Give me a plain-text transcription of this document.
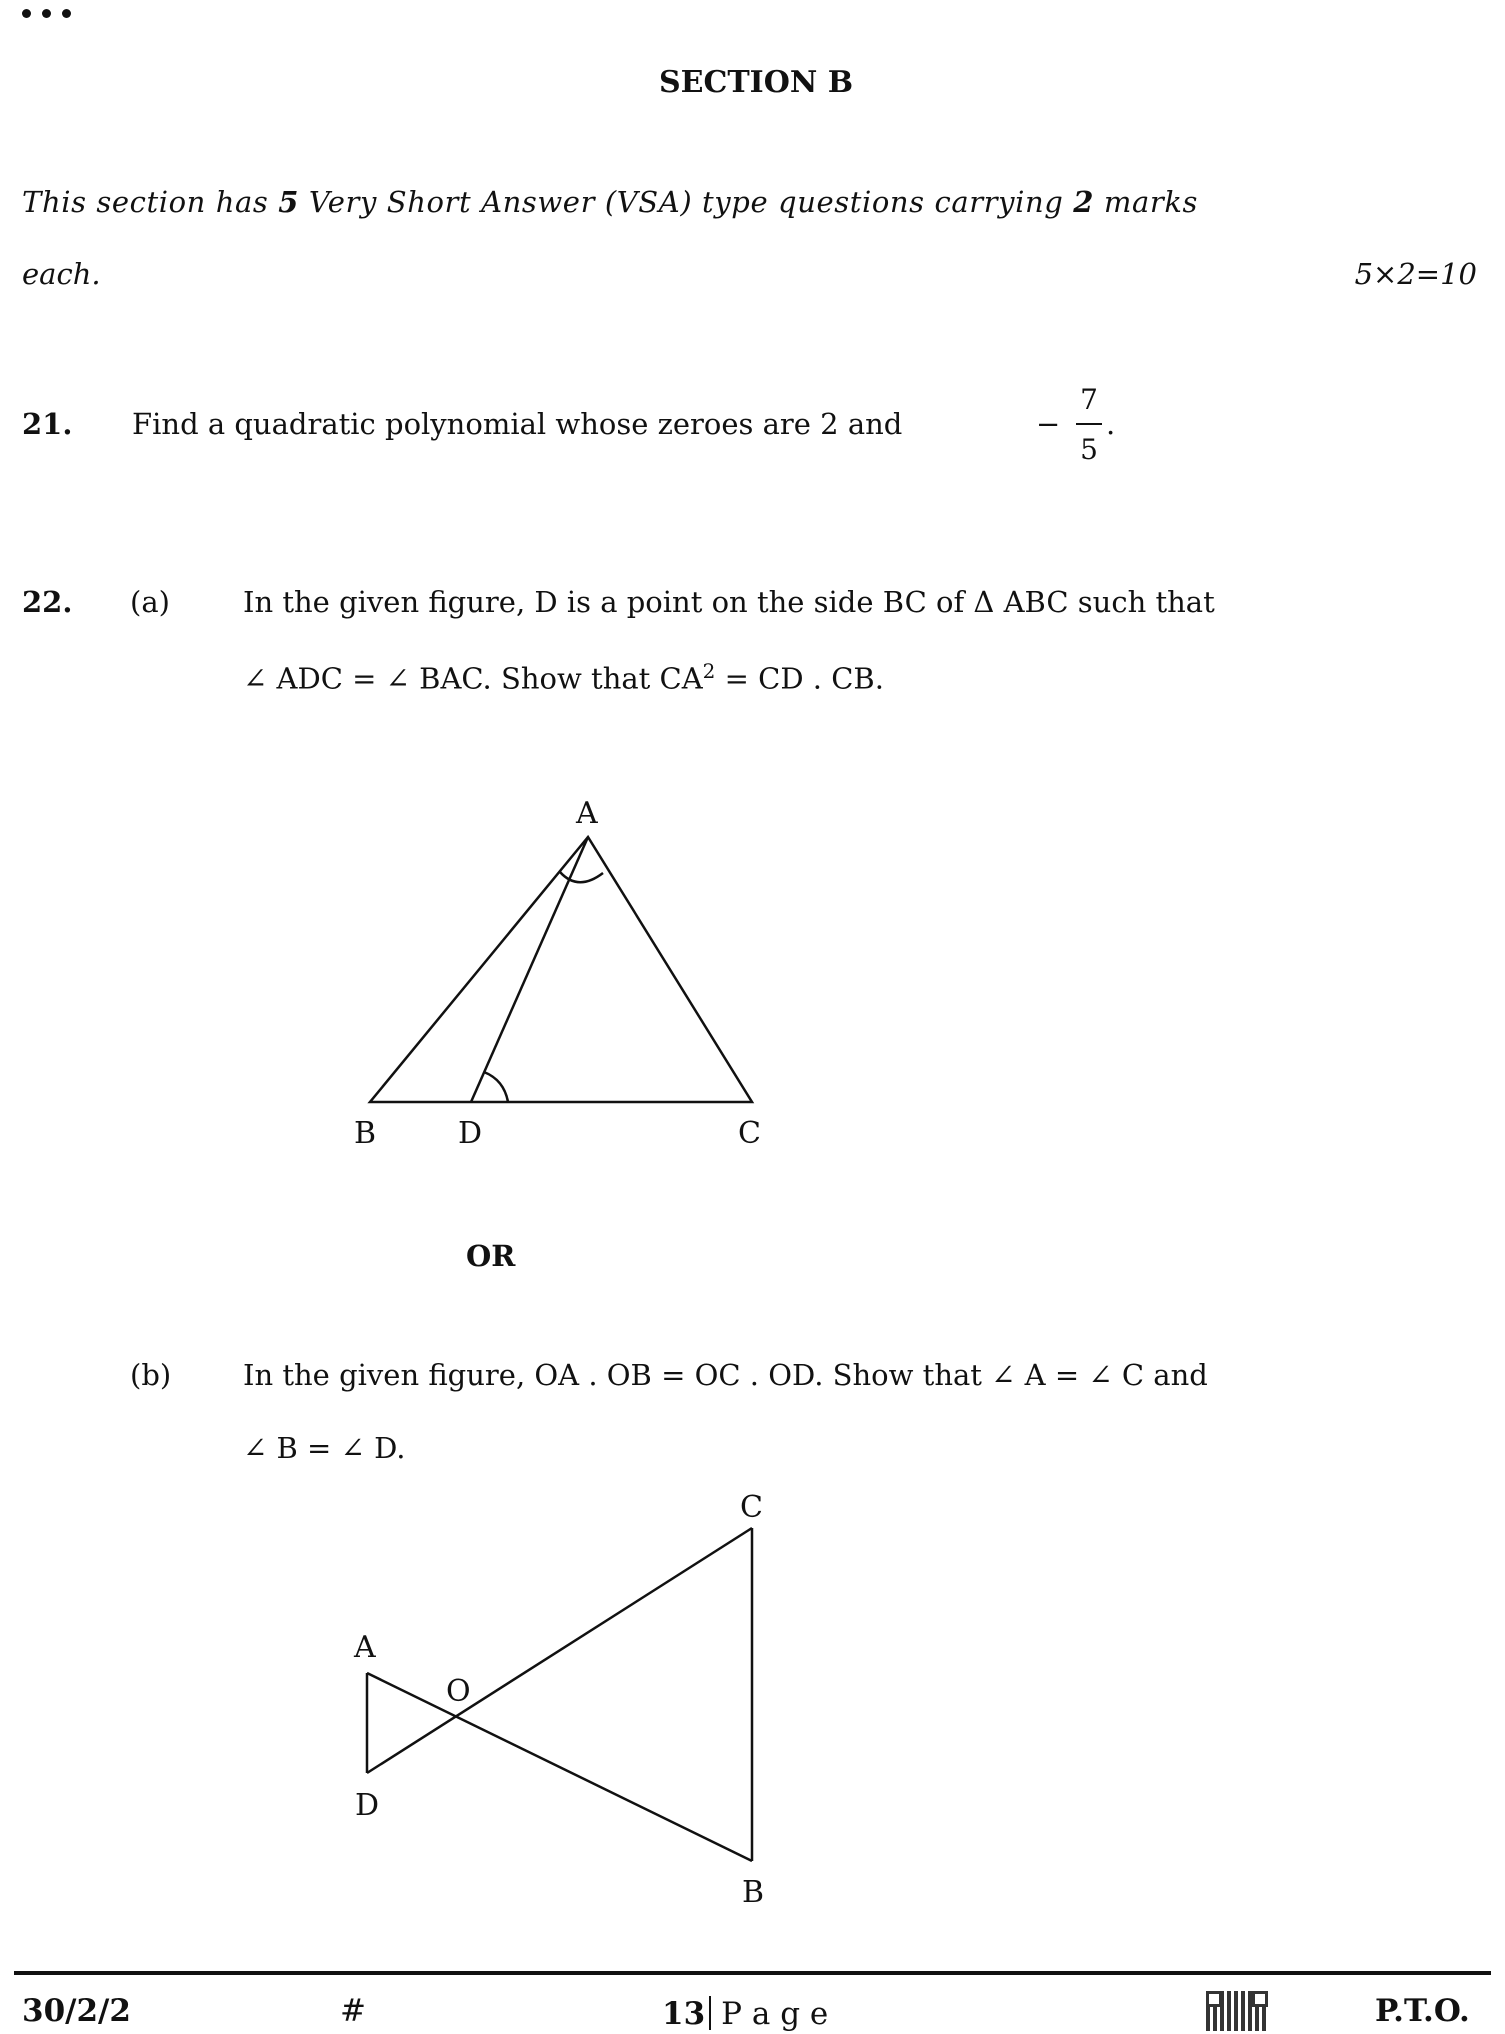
SECTION B
This section has 5 Very Short Answer (VSA) type questions carrying 2 marks
each.	5×2=10
21. Find a quadratic polynomial whose zeroes are 2 and	−
7
5
.
22. (a)	In the given figure, D is a point on the side BC of Δ ABC such that
∠ ADC = ∠ BAC. Show that $CA^2$ = CD . CB.
A
B	D	C
C
A
O
D
B
OR
(b) In the given figure, OA . OB = OC . OD. Show that ∠ A = ∠ C and
∠ B = ∠ D.
30/2/2	#	13 P a g e	P.T.O.
